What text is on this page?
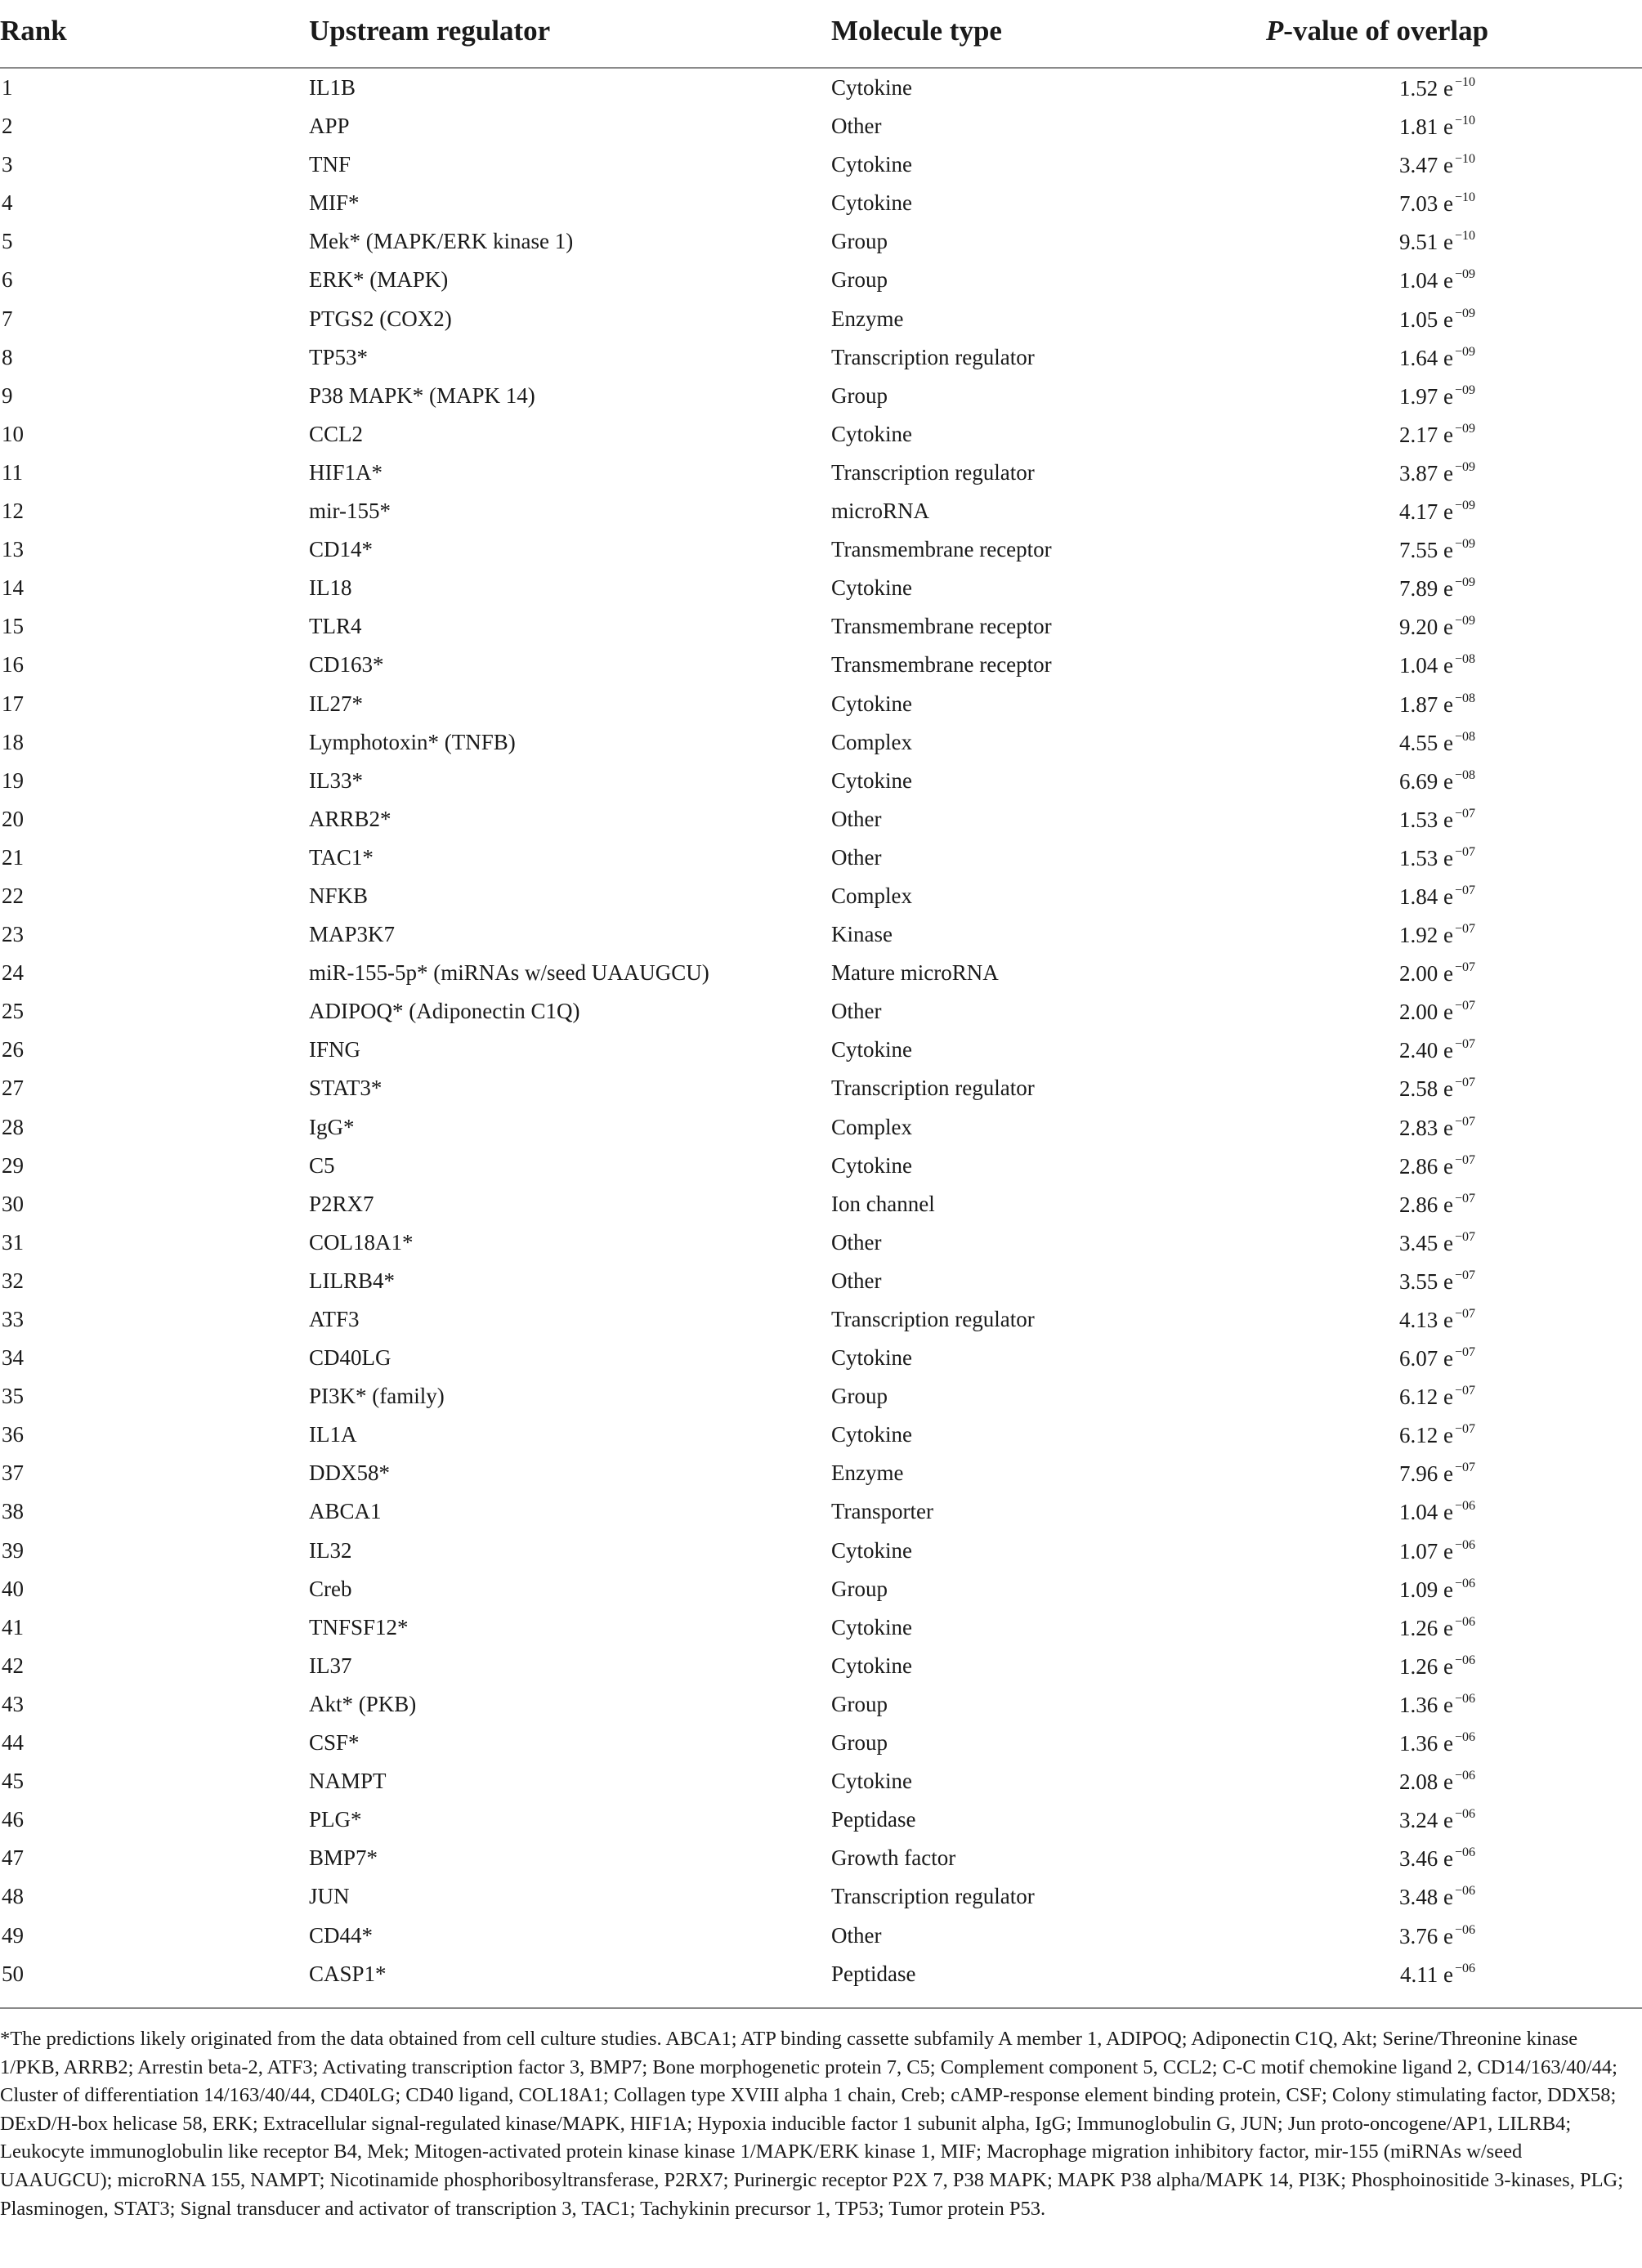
Rank	Upstream regulator	Molecule type	P-value of overlap
1	IL1B	Cytokine	1.52 e $^{-10}$
2	APP	Other	1.81 e $^{-10}$
3	TNF	Cytokine	3.47 e $^{-10}$
4	MIF*	Cytokine	7.03 e $^{-10}$
5	Mek* (MAPK/ERK kinase 1)	Group	9.51 e $^{-10}$
6	ERK* (MAPK)	Group	1.04 e $^{-09}$
7	PTGS2 (COX2)	Enzyme	1.05 e $^{-09}$
8	TP53*	Transcription regulator	1.64 e $^{-09}$
9	P38 MAPK* (MAPK 14)	Group	1.97 e $^{-09}$
10	CCL2	Cytokine	2.17 e $^{-09}$
11	HIF1A*	Transcription regulator	3.87 e $^{-09}$
12	mir-155*	microRNA	4.17 e $^{-09}$
13	CD14*	Transmembrane receptor	7.55 e $^{-09}$
14	IL18	Cytokine	7.89 e $^{-09}$
15	TLR4	Transmembrane receptor	9.20 e $^{-09}$
16	CD163*	Transmembrane receptor	1.04 e $^{-08}$
17	IL27*	Cytokine	1.87 e $^{-08}$
18	Lymphotoxin* (TNFB)	Complex	4.55 e $^{-08}$
19	IL33*	Cytokine	6.69 e $^{-08}$
20	ARRB2*	Other	1.53 e $^{-07}$
21	TAC1*	Other	1.53 e $^{-07}$
22	NFKB	Complex	1.84 e $^{-07}$
23	MAP3K7	Kinase	1.92 e $^{-07}$
24	miR-155-5p* (miRNAs w/seed UAAUGCU)	Mature microRNA	2.00 e $^{-07}$
25	ADIPOQ* (Adiponectin C1Q)	Other	2.00 e $^{-07}$
26	IFNG	Cytokine	2.40 e $^{-07}$
27	STAT3*	Transcription regulator	2.58 e $^{-07}$
28	IgG*	Complex	2.83 e $^{-07}$
29	C5	Cytokine	2.86 e $^{-07}$
30	P2RX7	Ion channel	2.86 e $^{-07}$
31	COL18A1*	Other	3.45 e $^{-07}$
32	LILRB4*	Other	3.55 e $^{-07}$
33	ATF3	Transcription regulator	4.13 e $^{-07}$
34	CD40LG	Cytokine	6.07 e $^{-07}$
35	PI3K* (family)	Group	6.12 e $^{-07}$
36	IL1A	Cytokine	6.12 e $^{-07}$
37	DDX58*	Enzyme	7.96 e $^{-07}$
38	ABCA1	Transporter	1.04 e $^{-06}$
39	IL32	Cytokine	1.07 e $^{-06}$
40	Creb	Group	1.09 e $^{-06}$
41	TNFSF12*	Cytokine	1.26 e $^{-06}$
42	IL37	Cytokine	1.26 e $^{-06}$
43	Akt* (PKB)	Group	1.36 e $^{-06}$
44	CSF*	Group	1.36 e $^{-06}$
45	NAMPT	Cytokine	2.08 e $^{-06}$
46	PLG*	Peptidase	3.24 e $^{-06}$
47	BMP7*	Growth factor	3.46 e $^{-06}$
48	JUN	Transcription regulator	3.48 e $^{-06}$
49	CD44*	Other	3.76 e $^{-06}$
50	CASP1*	Peptidase	4.11 e $^{-06}$
*The predictions likely originated from the data obtained from cell culture studies. ABCA1; ATP binding cassette subfamily A member 1, ADIPOQ; Adiponectin C1Q, Akt; Serine/Threonine kinase 1/PKB, ARRB2; Arrestin beta-2, ATF3; Activating transcription factor 3, BMP7; Bone morphogenetic protein 7, C5; Complement component 5, CCL2; C-C motif chemokine ligand 2, CD14/163/40/44; Cluster of differentiation 14/163/40/44, CD40LG; CD40 ligand, COL18A1; Collagen type XVIII alpha 1 chain, Creb; cAMP-response element binding protein, CSF; Colony stimulating factor, DDX58; DExD/H-box helicase 58, ERK; Extracellular signal-regulated kinase/MAPK, HIF1A; Hypoxia inducible factor 1 subunit alpha, IgG; Immunoglobulin G, JUN; Jun proto-oncogene/AP1, LILRB4; Leukocyte immunoglobulin like receptor B4, Mek; Mitogen-activated protein kinase kinase 1/MAPK/ERK kinase 1, MIF; Macrophage migration inhibitory factor, mir-155 (miRNAs w/seed UAAUGCU); microRNA 155, NAMPT; Nicotinamide phosphoribosyltransferase, P2RX7; Purinergic receptor P2X 7, P38 MAPK; MAPK P38 alpha/MAPK 14, PI3K; Phosphoinositide 3-kinases, PLG; Plasminogen, STAT3; Signal transducer and activator of transcription 3, TAC1; Tachykinin precursor 1, TP53; Tumor protein P53.
